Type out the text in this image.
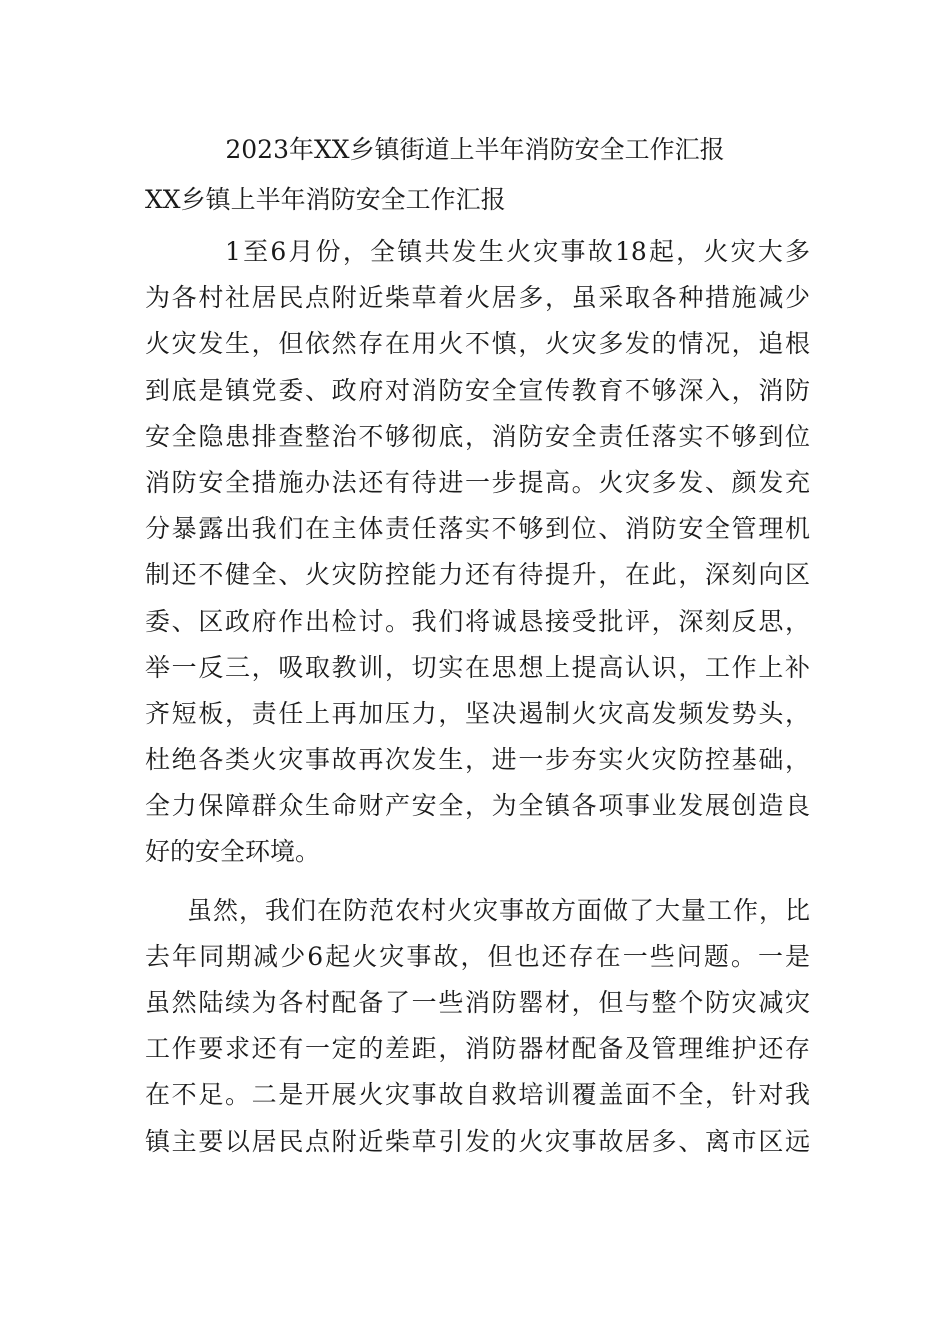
2023年XX乡镇街道上半年消防安全工作汇报
XX乡镇上半年消防安全工作汇报
1至6月份，全镇共发生火灾事故18起，火灾大多
为各村社居民点附近柴草着火居多，虽采取各种措施减少
火灾发生，但依然存在用火不慎，火灾多发的情况，追根
到底是镇党委、政府对消防安全宣传教育不够深入，消防
安全隐患排查整治不够彻底，消防安全责任落实不够到位
消防安全措施办法还有待进一步提高。火灾多发、颜发充
分暴露出我们在主体责任落实不够到位、消防安全管理机
制还不健全、火灾防控能力还有待提升，在此，深刻向区
委、区政府作出检讨。我们将诚恳接受批评，深刻反思，
举一反三，吸取教训，切实在思想上提高认识，工作上补
齐短板，责任上再加压力，坚决遏制火灾高发频发势头，
杜绝各类火灾事故再次发生，进一步夯实火灾防控基础，
全力保障群众生命财产安全，为全镇各项事业发展创造良
好的安全环境。
虽然，我们在防范农村火灾事故方面做了大量工作，比
去年同期减少6起火灾事故，但也还存在一些问题。一是
虽然陆续为各村配备了一些消防罂材，但与整个防灾减灾
工作要求还有一定的差距，消防器材配备及管理维护还存
在不足。二是开展火灾事故自救培训覆盖面不全，针对我
镇主要以居民点附近柴草引发的火灾事故居多、离市区远
